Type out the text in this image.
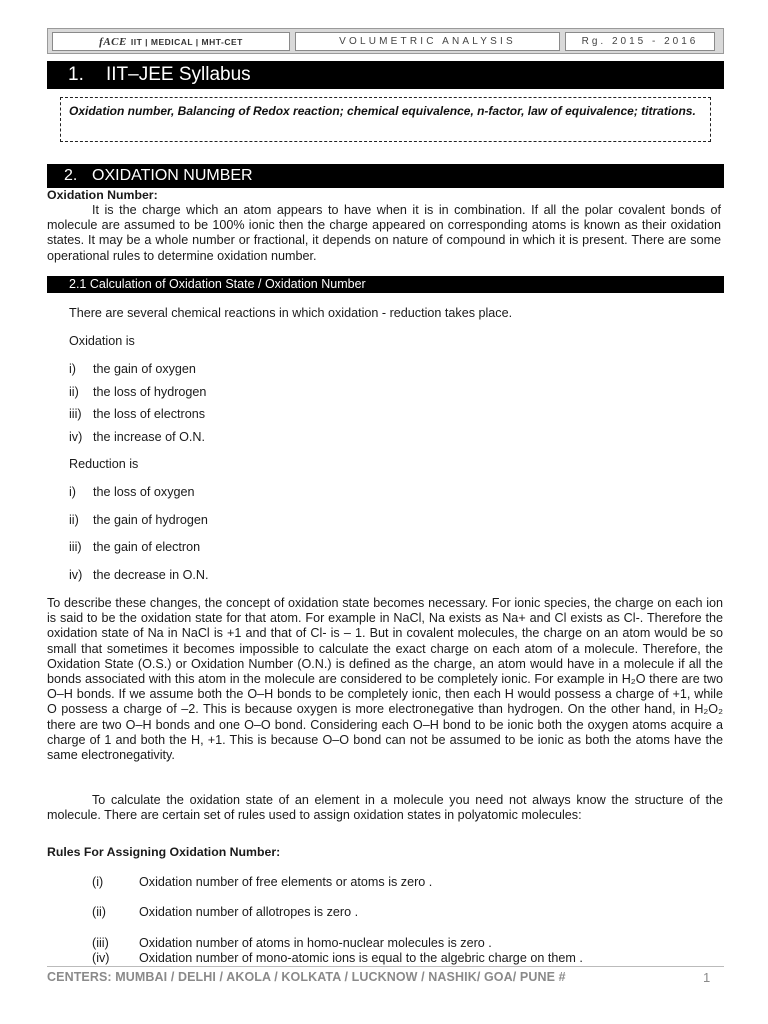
fACE IIT | MEDICAL | MHT-CET	VOLUMETRIC ANALYSIS	Rg. 2015 - 2016
1. IIT–JEE Syllabus
Oxidation number, Balancing of Redox reaction; chemical equivalence, n-factor, law of equivalence; titrations.
2. OXIDATION NUMBER
Oxidation Number:
It is the charge which an atom appears to have when it is in combination. If all the polar covalent bonds of molecule are assumed to be 100% ionic then the charge appeared on corresponding atoms is known as their oxidation states. It may be a whole number or fractional, it depends on nature of compound in which it is present. There are some operational rules to determine oxidation number.
2.1 Calculation of Oxidation State / Oxidation Number
There are several chemical reactions in which oxidation - reduction takes place.
Oxidation is
i) the gain of oxygen
ii) the loss of hydrogen
iii) the loss of electrons
iv) the increase of O.N.
Reduction is
i) the loss of oxygen
ii) the gain of hydrogen
iii) the gain of electron
iv) the decrease in O.N.
To describe these changes, the concept of oxidation state becomes necessary. For ionic species, the charge on each ion is said to be the oxidation state for that atom. For example in NaCl, Na exists as Na+ and Cl exists as Cl-. Therefore the oxidation state of Na in NaCl is +1 and that of Cl- is – 1. But in covalent molecules, the charge on an atom would be so small that sometimes it becomes impossible to calculate the exact charge on each atom of a molecule. Therefore, the Oxidation State (O.S.) or Oxidation Number (O.N.) is defined as the charge, an atom would have in a molecule if all the bonds associated with this atom in the molecule are considered to be completely ionic. For example in H₂O there are two O–H bonds. If we assume both the O–H bonds to be completely ionic, then each H would possess a charge of +1, while O possess a charge of –2. This is because oxygen is more electronegative than hydrogen. On the other hand, in H₂O₂ there are two O–H bonds and one O–O bond. Considering each O–H bond to be ionic both the oxygen atoms acquire a charge of 1 and both the H, +1. This is because O–O bond can not be assumed to be ionic as both the atoms have the same electronegativity.
To calculate the oxidation state of an element in a molecule you need not always know the structure of the molecule. There are certain set of rules used to assign oxidation states in polyatomic molecules:
Rules For Assigning Oxidation Number:
(i)	Oxidation number of free elements or atoms is zero .
(ii)	Oxidation number of allotropes is zero .
(iii) Oxidation number of atoms in homo-nuclear molecules is zero .
(iv) Oxidation number of mono-atomic ions is equal to the algebric charge on them .
CENTERS: MUMBAI / DELHI / AKOLA / KOLKATA / LUCKNOW / NASHIK/ GOA/ PUNE #	1
